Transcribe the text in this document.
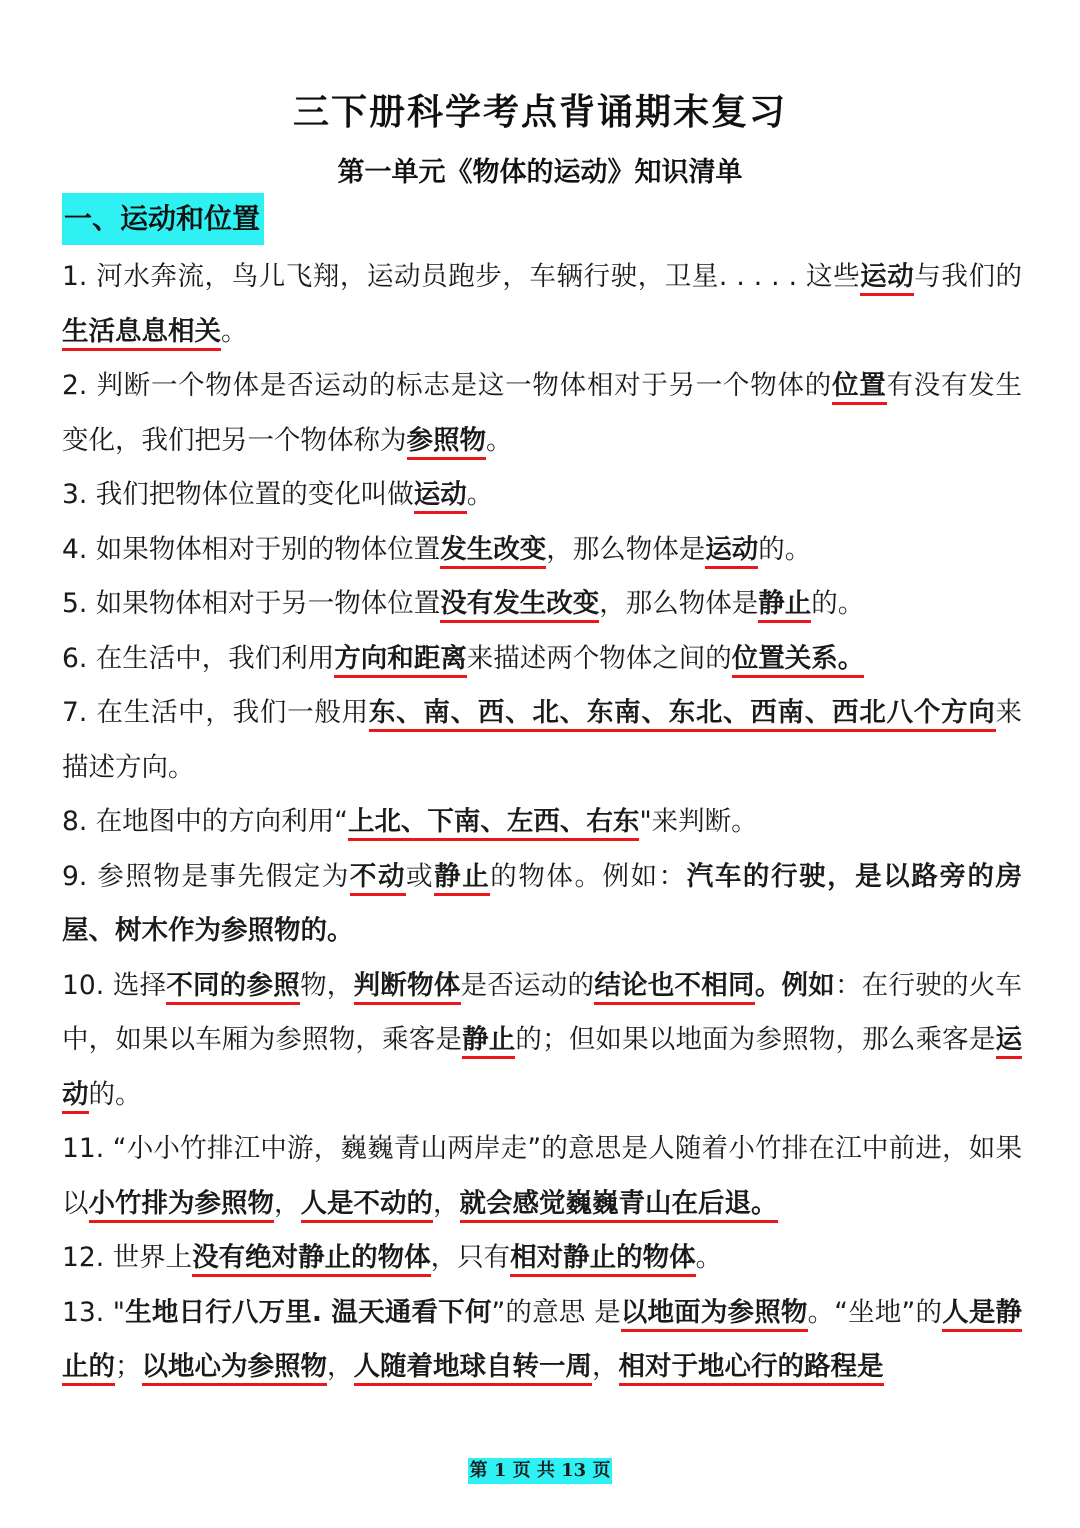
三下册科学考点背诵期末复习
第一单元《物体的运动》知识清单
一、运动和位置

1. 河水奔流，鸟儿飞翔，运动员跑步，车辆行驶，卫星. . . . . 这些运动与我们的生活息息相关。

2. 判断一个物体是否运动的标志是这一物体相对于另一个物体的位置有没有发生变化，我们把另一个物体称为参照物。

3. 我们把物体位置的变化叫做运动。

4. 如果物体相对于别的物体位置发生改变，那么物体是运动的。

5. 如果物体相对于另一物体位置没有发生改变，那么物体是静止的。

6. 在生活中，我们利用方向和距离来描述两个物体之间的位置关系。

7. 在生活中，我们一般用东、南、西、北、东南、东北、西南、西北八个方向来描述方向。

8. 在地图中的方向利用“上北、下南、左西、右东"来判断。

9. 参照物是事先假定为不动或静止的物体。例如：汽车的行驶，是以路旁的房屋、树木作为参照物的。

10. 选择不同的参照物，判断物体是否运动的结论也不相同。例如：在行驶的火车中，如果以车厢为参照物，乘客是静止的；但如果以地面为参照物，那么乘客是运动的。

11. “小小竹排江中游，巍巍青山两岸走”的意思是人随着小竹排在江中前进，如果以小竹排为参照物，人是不动的，就会感觉巍巍青山在后退。

12. 世界上没有绝对静止的物体，只有相对静止的物体。

13. "生地日行八万里. 温天通看下何”的意思 是以地面为参照物。“坐地”的人是静止的；以地心为参照物，人随着地球自转一周，相对于地心行的路程是

第 1 页 共 13 页
